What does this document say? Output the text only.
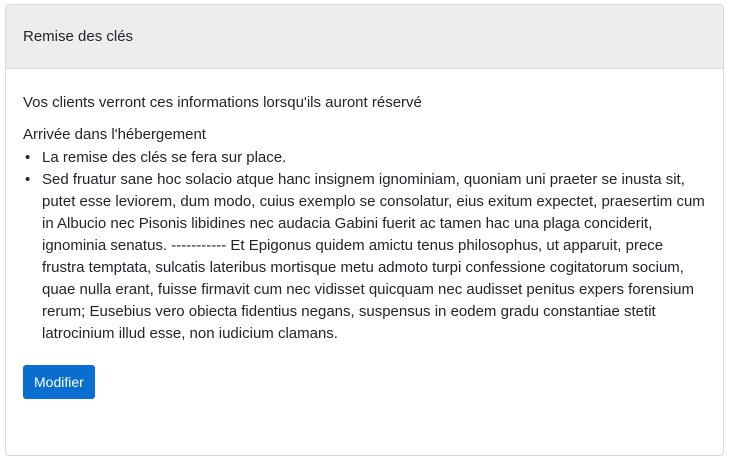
Remise des clés

Vos clients verront ces informations lorsqu'ils auront réservé

Arrivée dans l'hébergement

• La remise des clés se fera sur place.
• Sed fruatur sane hoc solacio atque hanc insignem ignominiam, quoniam uni praeter se inusta sit, putet esse leviorem, dum modo, cuius exemplo se consolatur, eius exitum expectet, praesertim cum in Albucio nec Pisonis libidines nec audacia Gabini fuerit ac tamen hac una plaga conciderit, ignominia senatus. ----------- Et Epigonus quidem amictu tenus philosophus, ut apparuit, prece frustra temptata, sulcatis lateribus mortisque metu admoto turpi confessione cogitatorum socium, quae nulla erant, fuisse firmavit cum nec vidisset quicquam nec audisset penitus expers forensium rerum; Eusebius vero obiecta fidentius negans, suspensus in eodem gradu constantiae stetit latrocinium illud esse, non iudicium clamans.
Modifier
